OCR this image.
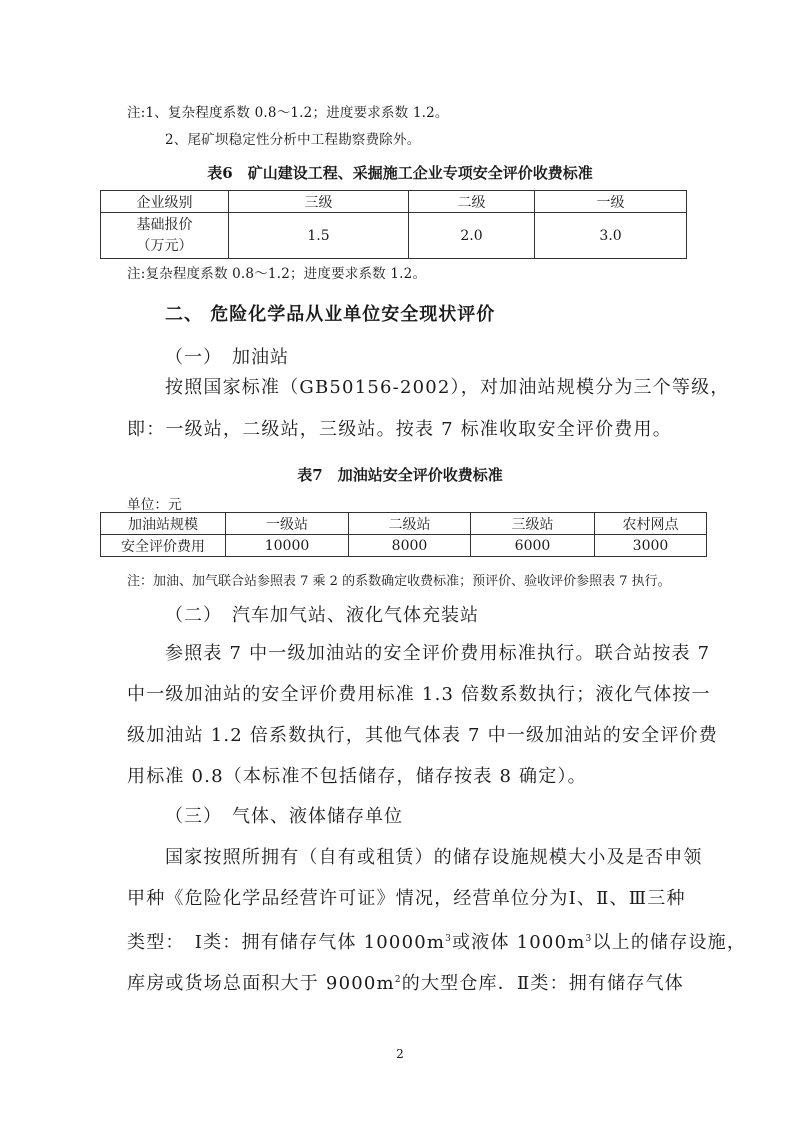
注:1、复杂程度系数 0.8～1.2；进度要求系数 1.2。
2、尾矿坝稳定性分析中工程勘察费除外。
表6　矿山建设工程、采掘施工企业专项安全评价收费标准
企业级别	三级	二级	一级

基础报价
（万元）	1.5	2.0	3.0
注:复杂程度系数 0.8～1.2；进度要求系数 1.2。
二、 危险化学品从业单位安全现状评价
（一）　加油站
按照国家标准（GB50156-2002），对加油站规模分为三个等级，
即：一级站，二级站，三级站。按表 7 标准收取安全评价费用。
表7　加油站安全评价收费标准
单位：元
加油站规模	一级站	二级站	三级站	农村网点
安全评价费用	10000	8000	6000	3000
注：加油、加气联合站参照表 7 乘 2 的系数确定收费标准；预评价、验收评价参照表 7 执行。
（二）　汽车加气站、液化气体充装站
参照表 7 中一级加油站的安全评价费用标准执行。联合站按表 7
中一级加油站的安全评价费用标准 1.3 倍数系数执行；液化气体按一
级加油站 1.2 倍系数执行，其他气体表 7 中一级加油站的安全评价费
用标准 0.8（本标准不包括储存，储存按表 8 确定）。
（三）　气体、液体储存单位
国家按照所拥有（自有或租赁）的储存设施规模大小及是否申领
甲种《危险化学品经营许可证》情况，经营单位分为Ⅰ、Ⅱ、Ⅲ三种
类型：　Ⅰ类：拥有储存气体 $10000m^3$或液体 $1000m^3$以上的储存设施，
库房或货场总面积大于 $9000m^2$的大型仓库．Ⅱ类：拥有储存气体
2
